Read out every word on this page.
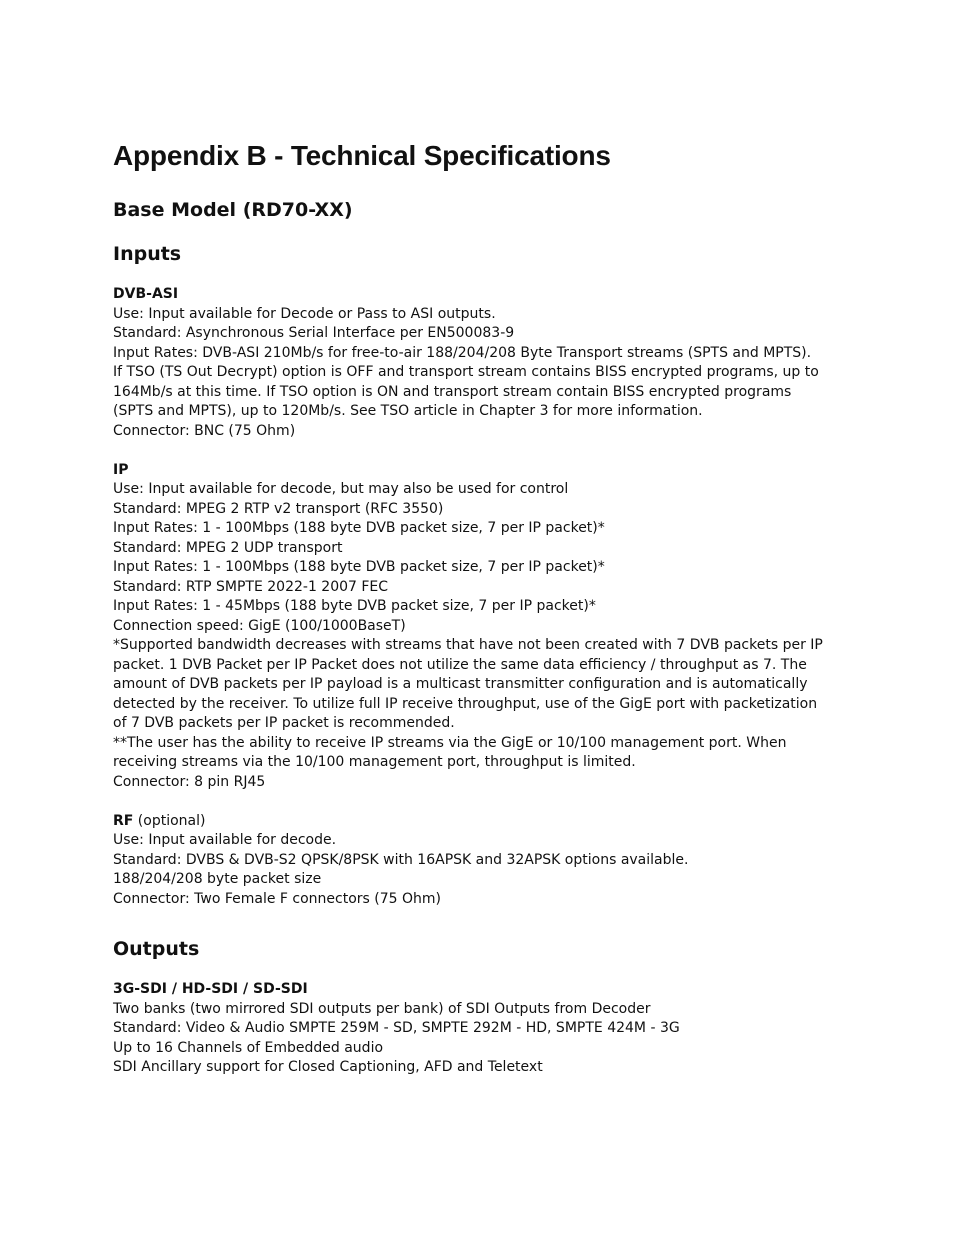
Appendix B - Technical Specifications
Base Model (RD70-XX)
Inputs
DVB-ASI
Use: Input available for Decode or Pass to ASI outputs.
Standard: Asynchronous Serial Interface per EN500083-9
Input Rates: DVB-ASI 210Mb/s for free-to-air 188/204/208 Byte Transport streams (SPTS and MPTS).
If TSO (TS Out Decrypt) option is OFF and transport stream contains BISS encrypted programs, up to
164Mb/s at this time. If TSO option is ON and transport stream contain BISS encrypted programs
(SPTS and MPTS), up to 120Mb/s. See TSO article in Chapter 3 for more information.
Connector: BNC (75 Ohm)
IP
Use: Input available for decode, but may also be used for control
Standard: MPEG 2 RTP v2 transport (RFC 3550)
Input Rates: 1 - 100Mbps (188 byte DVB packet size, 7 per IP packet)*
Standard: MPEG 2 UDP transport
Input Rates: 1 - 100Mbps (188 byte DVB packet size, 7 per IP packet)*
Standard: RTP SMPTE 2022-1 2007 FEC
Input Rates: 1 - 45Mbps (188 byte DVB packet size, 7 per IP packet)*
Connection speed: GigE (100/1000BaseT)
*Supported bandwidth decreases with streams that have not been created with 7 DVB packets per IP
packet. 1 DVB Packet per IP Packet does not utilize the same data efficiency / throughput as 7. The
amount of DVB packets per IP payload is a multicast transmitter configuration and is automatically
detected by the receiver. To utilize full IP receive throughput, use of the GigE port with packetization
of 7 DVB packets per IP packet is recommended.
**The user has the ability to receive IP streams via the GigE or 10/100 management port. When
receiving streams via the 10/100 management port, throughput is limited.
Connector: 8 pin RJ45
RF (optional)
Use: Input available for decode.
Standard: DVBS & DVB-S2 QPSK/8PSK with 16APSK and 32APSK options available.
188/204/208 byte packet size
Connector: Two Female F connectors (75 Ohm)
Outputs
3G-SDI / HD-SDI / SD-SDI
Two banks (two mirrored SDI outputs per bank) of SDI Outputs from Decoder
Standard: Video & Audio SMPTE 259M - SD, SMPTE 292M - HD, SMPTE 424M - 3G
Up to 16 Channels of Embedded audio
SDI Ancillary support for Closed Captioning, AFD and Teletext
